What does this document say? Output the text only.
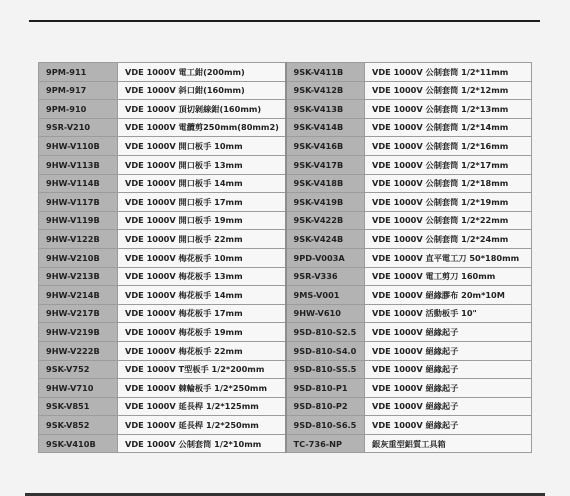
9PM-911	VDE 1000V 電工鉗(200mm)	9SK-V411B	VDE 1000V 公制套筒 1/2*11mm
9PM-917	VDE 1000V 斜口鉗(160mm)	9SK-V412B	VDE 1000V 公制套筒 1/2*12mm
9PM-910	VDE 1000V 頂切剝線鉗(160mm)	9SK-V413B	VDE 1000V 公制套筒 1/2*13mm
9SR-V210	VDE 1000V 電纜剪250mm(80mm2)	9SK-V414B	VDE 1000V 公制套筒 1/2*14mm
9HW-V110B	VDE 1000V 開口板手 10mm	9SK-V416B	VDE 1000V 公制套筒 1/2*16mm
9HW-V113B	VDE 1000V 開口板手 13mm	9SK-V417B	VDE 1000V 公制套筒 1/2*17mm
9HW-V114B	VDE 1000V 開口板手 14mm	9SK-V418B	VDE 1000V 公制套筒 1/2*18mm
9HW-V117B	VDE 1000V 開口板手 17mm	9SK-V419B	VDE 1000V 公制套筒 1/2*19mm
9HW-V119B	VDE 1000V 開口板手 19mm	9SK-V422B	VDE 1000V 公制套筒 1/2*22mm
9HW-V122B	VDE 1000V 開口板手 22mm	9SK-V424B	VDE 1000V 公制套筒 1/2*24mm
9HW-V210B	VDE 1000V 梅花板手 10mm	9PD-V003A	VDE 1000V 直平電工刀 50*180mm
9HW-V213B	VDE 1000V 梅花板手 13mm	9SR-V336	VDE 1000V 電工剪刀 160mm
9HW-V214B	VDE 1000V 梅花板手 14mm	9MS-V001	VDE 1000V 絕緣膠布 20m*10M
9HW-V217B	VDE 1000V 梅花板手 17mm	9HW-V610	VDE 1000V 活動板手 10"
9HW-V219B	VDE 1000V 梅花板手 19mm	9SD-810-S2.5	VDE 1000V 絕緣起子
9HW-V222B	VDE 1000V 梅花板手 22mm	9SD-810-S4.0	VDE 1000V 絕緣起子
9SK-V752	VDE 1000V T型板手 1/2*200mm	9SD-810-S5.5	VDE 1000V 絕緣起子
9HW-V710	VDE 1000V 棘輪板手 1/2*250mm	9SD-810-P1	VDE 1000V 絕緣起子
9SK-V851	VDE 1000V 延長桿 1/2*125mm	9SD-810-P2	VDE 1000V 絕緣起子
9SK-V852	VDE 1000V 延長桿 1/2*250mm	9SD-810-S6.5	VDE 1000V 絕緣起子
9SK-V410B	VDE 1000V 公制套筒 1/2*10mm	TC-736-NP	銀灰重型鋁質工具箱
